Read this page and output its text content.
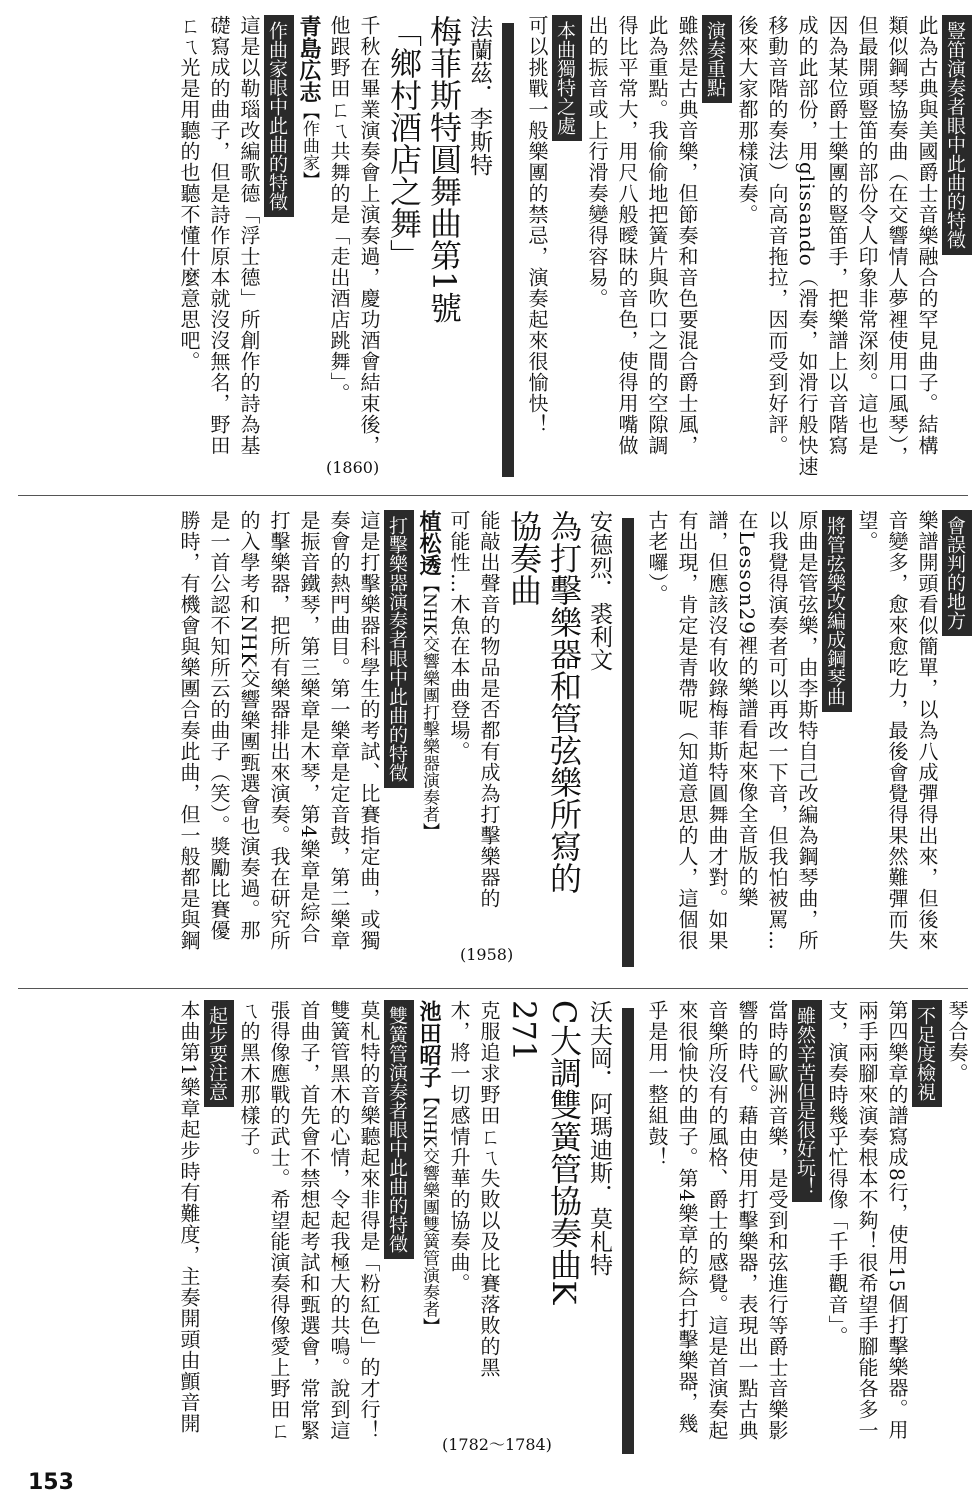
豎笛演奏者眼中此曲的特徵
此為古典與美國爵士音樂融合的罕見曲子。結構
類似鋼琴協奏曲（在交響情人夢裡使用口風琴），
但最開頭豎笛的部份令人印象非常深刻。這也是
因為某位爵士樂團的豎笛手，把樂譜上以音階寫
成的此部份，用glissando（滑奏，如滑行般快速
移動音階的奏法）向高音拖拉，因而受到好評。
後來大家都那樣演奏。
演奏重點
雖然是古典音樂，但節奏和音色要混合爵士風，
此為重點。我偷偷地把簧片與吹口之間的空隙調
得比平常大，用尺八般曖昧的音色，使得用嘴做
出的振音或上行滑奏變得容易。
本曲獨特之處
可以挑戰一般樂團的禁忌，演奏起來很愉快！
法蘭茲．李斯特
梅菲斯特圓舞曲第1號
「鄉村酒店之舞」
千秋在畢業演奏會上演奏過，慶功酒會結束後，
他跟野田ㄈㄟ共舞的是「走出酒店跳舞」。
青島広志【作曲家】
作曲家眼中此曲的特徵
這是以勒瑙改編歌德「浮士德」所創作的詩為基
礎寫成的曲子，但是詩作原本就沒沒無名，野田
ㄈㄟ光是用聽的也聽不懂什麼意思吧。
(1860)
會誤判的地方
樂譜開頭看似簡單，以為八成彈得出來，但後來
音變多，愈來愈吃力，最後會覺得果然難彈而失
望。
將管弦樂改編成鋼琴曲
原曲是管弦樂，由李斯特自己改編為鋼琴曲，所
以我覺得演奏者可以再改一下音，但我怕被罵…
在Lesson29裡的樂譜看起來像全音版的樂
譜，但應該沒有收錄梅菲斯特圓舞曲才對。如果
有出現，肯定是青帶呢（知道意思的人，這個很
古老囉）。
安德烈．裘利文
為打擊樂器和管弦樂所寫的
協奏曲
能敲出聲音的物品是否都有成為打擊樂器的
可能性…木魚在本曲登場。
植松透【NHK交響樂團打擊樂器演奏者】
打擊樂器演奏者眼中此曲的特徵
這是打擊樂器科學生的考試、比賽指定曲，或獨
奏會的熱門曲目。第一樂章是定音鼓，第二樂章
是振音鐵琴，第三樂章是木琴，第4樂章是綜合
打擊樂器，把所有樂器排出來演奏。我在研究所
的入學考和NHK交響樂團甄選會也演奏過。那
是一首公認不知所云的曲子（笑）。獎勵比賽優
勝時，有機會與樂團合奏此曲，但一般都是與鋼
(1958)
琴合奏。
不足度檢視
第四樂章的譜寫成8行，使用15個打擊樂器。用
兩手兩腳來演奏根本不夠！很希望手腳能各多一
支，演奏時幾乎忙得像「千手觀音」。
雖然辛苦但是很好玩！
當時的歐洲音樂，是受到和弦進行等爵士音樂影
響的時代。藉由使用打擊樂器，表現出一點古典
音樂所沒有的風格、爵士的感覺。這是首演奏起
來很愉快的曲子。第4樂章的綜合打擊樂器，幾
乎是用一整組鼓！
沃夫岡．阿瑪迪斯．莫札特
C大調雙簧管協奏曲K
271
克服追求野田ㄈㄟ失敗以及比賽落敗的黑
木，將一切感情升華的協奏曲。
池田昭子【NHK交響樂團雙簧管演奏者】
雙簧管演奏者眼中此曲的特徵
莫札特的音樂聽起來非得是「粉紅色」的才行！
雙簧管黑木的心情，令起我極大的共鳴。說到這
首曲子，首先會不禁想起考試和甄選會，常常緊
張得像應戰的武士。希望能演奏得像愛上野田ㄈ
ㄟ的黑木那樣子。
起步要注意
本曲第1樂章起步時有難度，主奏開頭由顫音開
(1782〜1784)
153
